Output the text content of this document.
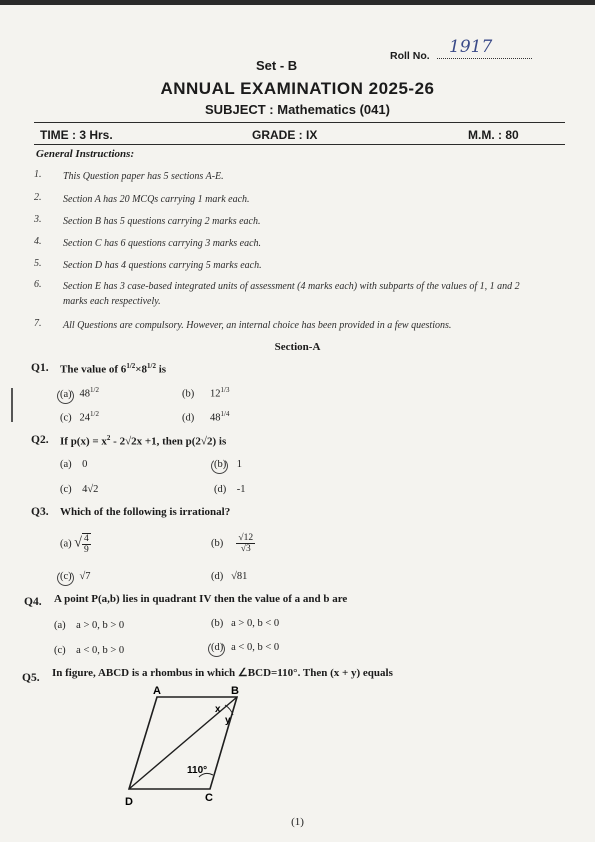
Roll No. 1917
Set - B
ANNUAL EXAMINATION 2025-26
SUBJECT : Mathematics (041)
TIME : 3 Hrs.	GRADE : IX	M.M. : 80
General Instructions:
1. This Question paper has 5 sections A-E.
2. Section A has 20 MCQs carrying 1 mark each.
3. Section B has 5 questions carrying 2 marks each.
4. Section C has 6 questions carrying 3 marks each.
5. Section D has 4 questions carrying 5 marks each.
6. Section E has 3 case-based integrated units of assessment (4 marks each) with subparts of the values of 1, 1 and 2 marks each respectively.
7. All Questions are compulsory. However, an internal choice has been provided in a few questions.
Section-A
Q1. The value of $6^{1/2}\times 8^{1/2}$ is
(a) $48^{1/2}$	(b) $12^{1/3}$
(c) $24^{1/2}$	(d) $48^{1/4}$
Q2. If $p(x) = x^2 - 2√2x +1$, then p(2√2) is
(a) 0	(b) 1
(c) 4√2	(d) -1
Q3. Which of the following is irrational?
(a) √ $\frac{4}{9}$	$(b) \frac{√12}{√3}$
(c) √7	(d) √81
Q4. A point P(a,b) lies in quadrant IV then the value of a and b are
(a) a > 0, b > 0	(b) a > 0, b < 0
(c) a < 0, b > 0	(d) a < 0, b < 0
Q5. In figure, ABCD is a rhombus in which ∠BCD=110°. Then (x + y) equals
A	B
C
D
x
y
110°
(1)
